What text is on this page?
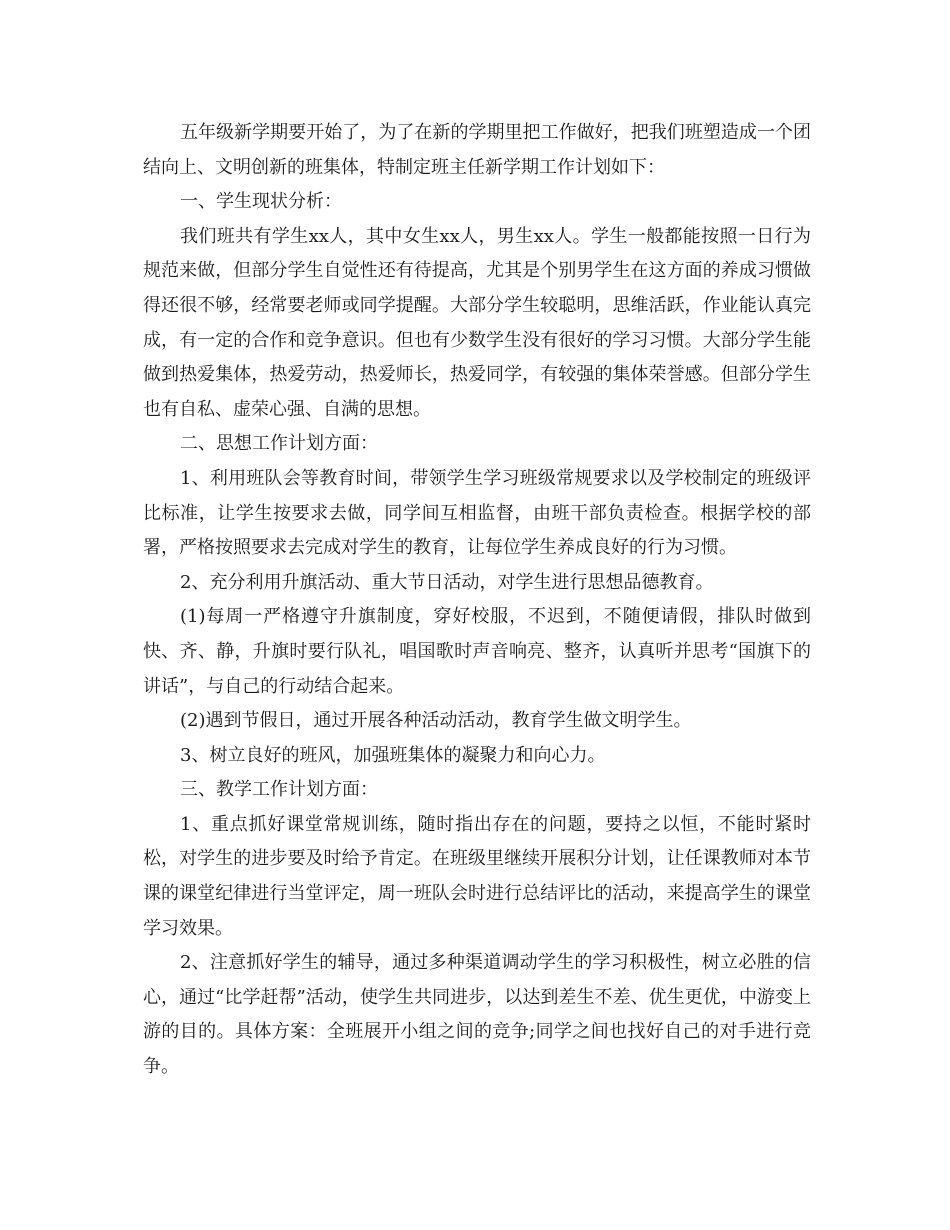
五年级新学期要开始了，为了在新的学期里把工作做好，把我们班塑造成一个团结向上、文明创新的班集体，特制定班主任新学期工作计划如下：

一、学生现状分析：

我们班共有学生xx人，其中女生xx人，男生xx人。学生一般都能按照一日行为规范来做，但部分学生自觉性还有待提高，尤其是个别男学生在这方面的养成习惯做得还很不够，经常要老师或同学提醒。大部分学生较聪明，思维活跃，作业能认真完成，有一定的合作和竞争意识。但也有少数学生没有很好的学习习惯。大部分学生能做到热爱集体，热爱劳动，热爱师长，热爱同学，有较强的集体荣誉感。但部分学生也有自私、虚荣心强、自满的思想。

二、思想工作计划方面：

1、利用班队会等教育时间，带领学生学习班级常规要求以及学校制定的班级评比标准，让学生按要求去做，同学间互相监督，由班干部负责检查。根据学校的部署，严格按照要求去完成对学生的教育，让每位学生养成良好的行为习惯。

2、充分利用升旗活动、重大节日活动，对学生进行思想品德教育。

(1)每周一严格遵守升旗制度，穿好校服，不迟到，不随便请假，排队时做到快、齐、静，升旗时要行队礼，唱国歌时声音响亮、整齐，认真听并思考“国旗下的讲话”，与自己的行动结合起来。

(2)遇到节假日，通过开展各种活动活动，教育学生做文明学生。

3、树立良好的班风，加强班集体的凝聚力和向心力。

三、教学工作计划方面：

1、重点抓好课堂常规训练，随时指出存在的问题，要持之以恒，不能时紧时松，对学生的进步要及时给予肯定。在班级里继续开展积分计划，让任课教师对本节课的课堂纪律进行当堂评定，周一班队会时进行总结评比的活动，来提高学生的课堂学习效果。

2、注意抓好学生的辅导，通过多种渠道调动学生的学习积极性，树立必胜的信心，通过“比学赶帮”活动，使学生共同进步，以达到差生不差、优生更优，中游变上游的目的。具体方案：全班展开小组之间的竞争;同学之间也找好自己的对手进行竞争。
